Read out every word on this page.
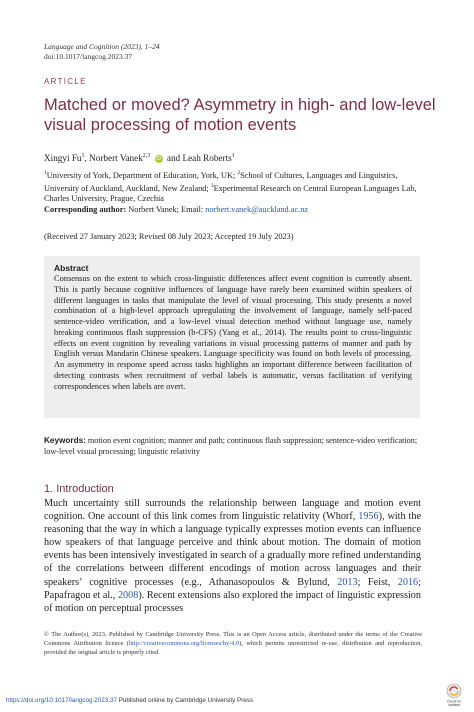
Language and Cognition (2023), 1–24
doi:10.1017/langcog.2023.37
ARTICLE
Matched or moved? Asymmetry in high- and low-level visual processing of motion events
Xingyi Fu$^1$, Norbert Vanek$^{2,3}$ iD and Leah Roberts$^1$
$^1$University of York, Department of Education, York, UK; $^2$School of Cultures, Languages and Linguistics, University of Auckland, Auckland, New Zealand; $^3$Experimental Research on Central European Languages Lab, Charles University, Prague, Czechia
Corresponding author: Norbert Vanek; Email: norbert.vanek@auckland.ac.nz
(Received 27 January 2023; Revised 08 July 2023; Accepted 19 July 2023)
Abstract
Consensus on the extent to which cross-linguistic differences affect event cognition is currently absent. This is partly because cognitive influences of language have rarely been examined within speakers of different languages in tasks that manipulate the level of visual processing. This study presents a novel combination of a high-level approach upregulating the involvement of language, namely self-paced sentence-video verification, and a low-level visual detection method without language use, namely breaking continuous flash suppression (b-CFS) (Yang et al., 2014). The results point to cross-linguistic effects on event cognition by revealing variations in visual processing patterns of manner and path by English versus Mandarin Chinese speakers. Language specificity was found on both levels of processing. An asymmetry in response speed across tasks highlights an important difference between facilitation of detecting contrasts when recruitment of verbal labels is automatic, versus facilitation of verifying correspondences when labels are overt.
Keywords: motion event cognition; manner and path; continuous flash suppression; sentence-video verification; low-level visual processing; linguistic relativity
1. Introduction
Much uncertainty still surrounds the relationship between language and motion event cognition. One account of this link comes from linguistic relativity (Whorf, 1956), with the reasoning that the way in which a language typically expresses motion events can influence how speakers of that language perceive and think about motion. The domain of motion events has been intensively investigated in search of a gradually more refined understanding of the correlations between different encodings of motion across languages and their speakers’ cognitive processes (e.g., Athanasopoulos & Bylund, 2013; Feist, 2016; Papafragou et al., 2008). Recent extensions also explored the impact of linguistic expression of motion on perceptual processes
© The Author(s), 2023. Published by Cambridge University Press. This is an Open Access article, distributed under the terms of the Creative Commons Attribution licence (http://creativecommons.org/licenses/by/4.0), which permits unrestricted re-use, distribution and reproduction, provided the original article is properly cited.
https://doi.org/10.1017/langcog.2023.37 Published online by Cambridge University Press	Check for
updates
